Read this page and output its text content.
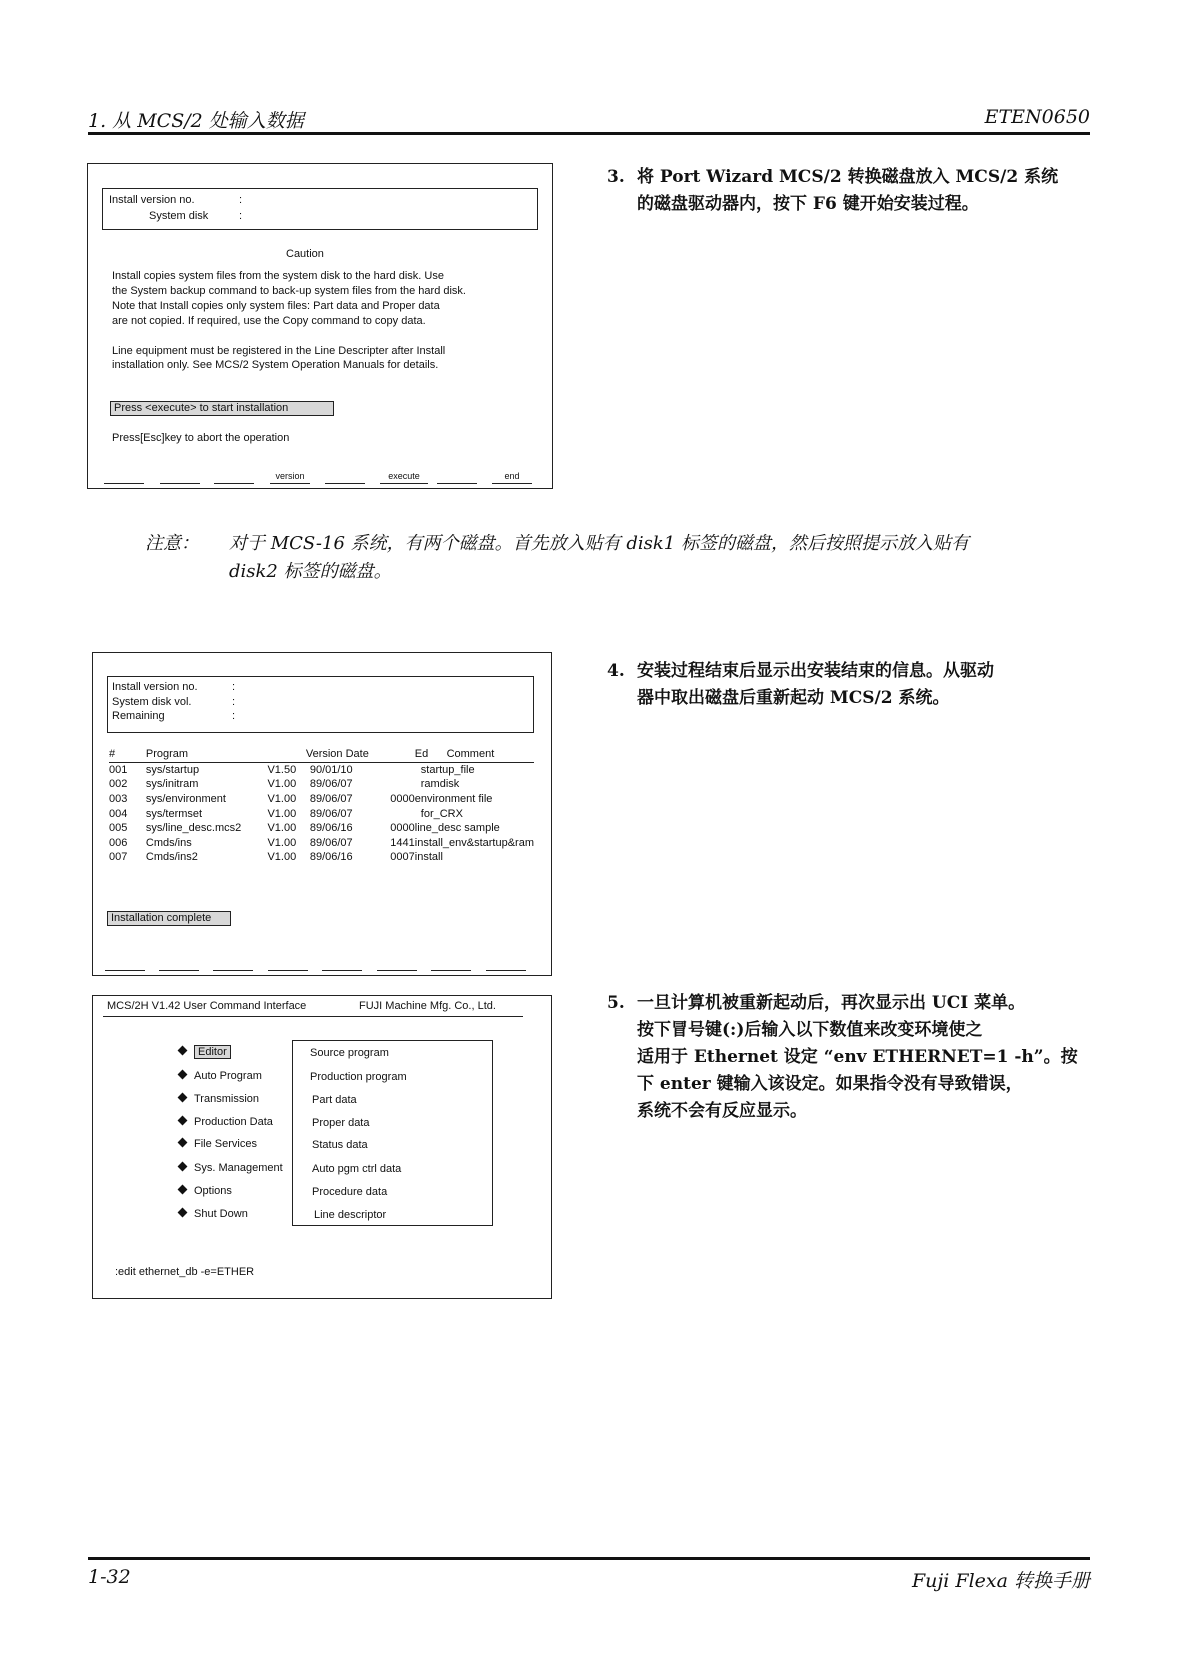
1. 从 MCS/2 处输入数据	ETEN0650
Install version no.	:
System disk	:
Caution
Install copies system files from the system disk to the hard disk. Use
the System backup command to back-up system files from the hard disk.
Note that Install copies only system files: Part data and Proper data
are not copied. If required, use the Copy command to copy data.
Line equipment must be registered in the Line Descripter after Install
installation only. See MCS/2 System Operation Manuals for details.
Press <execute> to start installation
Press[Esc]key to abort the operation
version	execute	end
3. 将 Port Wizard MCS/2 转换磁盘放入 MCS/2 系统
的磁盘驱动器内，按下 F6 键开始安装过程。
注意： 对于 MCS-16 系统，有两个磁盘。首先放入贴有 disk1 标签的磁盘，然后按照提示放入贴有
disk2 标签的磁盘。
Install version no.	:
System disk vol.	:
Remaining	:
#	Program		Version Date		Ed Comment
001	sys/startup	V1.50	90/01/10		startup_file
002	sys/initram	V1.00	89/06/07		ramdisk
003	sys/environment	V1.00	89/06/07	0000	environment file
004	sys/termset	V1.00	89/06/07		for_CRX
005	sys/line_desc.mcs2	V1.00	89/06/16	0000	line_desc sample
006	Cmds/ins	V1.00	89/06/07	1441	install_env&startup&ram
007	Cmds/ins2	V1.00	89/06/16	0007	install
Installation complete
4. 安装过程结束后显示出安装结束的信息。从驱动
器中取出磁盘后重新起动 MCS/2 系统。
MCS/2H V1.42 User Command Interface	FUJI Machine Mfg. Co., Ltd.
Editor
Auto Program
Transmission
Production Data
File Services
Sys. Management
Options
Shut Down
Source program
Production program
Part data
Proper data
Status data
Auto pgm ctrl data
Procedure data
Line descriptor
:edit ethernet_db -e=ETHER
5. 一旦计算机被重新起动后，再次显示出 UCI 菜单。
按下冒号键(:)后输入以下数值来改变环境使之
适用于 Ethernet 设定 “env ETHERNET=1 -h”。按
下 enter 键输入该设定。如果指令没有导致错误，
系统不会有反应显示。
1-32	Fuji Flexa 转换手册
